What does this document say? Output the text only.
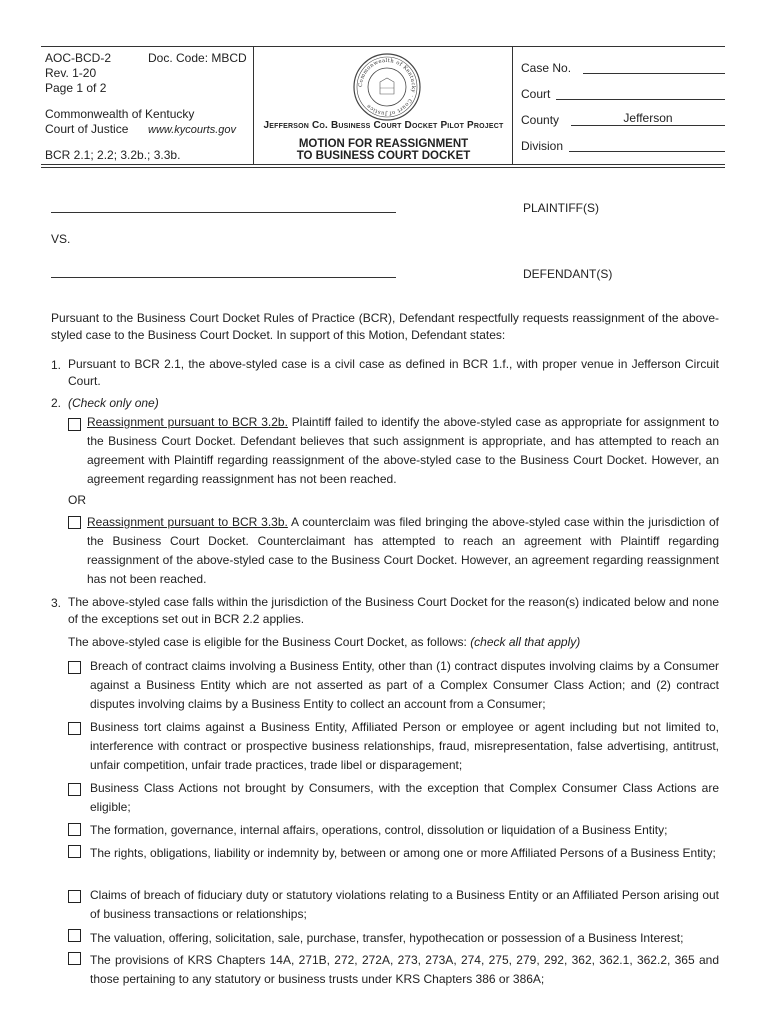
AOC-BCD-2	Doc. Code: MBCD
Rev. 1-20
Page 1 of 2
Commonwealth of Kentucky
Court of Justice www.kycourts.gov
BCR 2.1; 2.2; 3.2b.; 3.3b.
Commonwealth of Kentucky · Court of Justice
Jefferson Co. Business Court Docket Pilot Project
MOTION FOR REASSIGNMENT
TO BUSINESS COURT DOCKET
Case No.
Court
County	Jefferson
Division
PLAINTIFF(S)
VS.
DEFENDANT(S)
Pursuant to the Business Court Docket Rules of Practice (BCR), Defendant respectfully requests reassignment of the above-styled case to the Business Court Docket. In support of this Motion, Defendant states:
1. Pursuant to BCR 2.1, the above-styled case is a civil case as defined in BCR 1.f., with proper venue in Jefferson Circuit Court.
2. (Check only one)
Reassignment pursuant to BCR 3.2b. Plaintiff failed to identify the above-styled case as appropriate for assignment to the Business Court Docket. Defendant believes that such assignment is appropriate, and has attempted to reach an agreement with Plaintiff regarding reassignment of the above-styled case to the Business Court Docket. However, an agreement regarding reassignment has not been reached.
OR
Reassignment pursuant to BCR 3.3b. A counterclaim was filed bringing the above-styled case within the jurisdiction of the Business Court Docket. Counterclaimant has attempted to reach an agreement with Plaintiff regarding reassignment of the above-styled case to the Business Court Docket. However, an agreement regarding reassignment has not been reached.
3. The above-styled case falls within the jurisdiction of the Business Court Docket for the reason(s) indicated below and none of the exceptions set out in BCR 2.2 applies.
The above-styled case is eligible for the Business Court Docket, as follows: (check all that apply)
Breach of contract claims involving a Business Entity, other than (1) contract disputes involving claims by a Consumer against a Business Entity which are not asserted as part of a Complex Consumer Class Action; and (2) contract disputes involving claims by a Business Entity to collect an account from a Consumer;
Business tort claims against a Business Entity, Affiliated Person or employee or agent including but not limited to, interference with contract or prospective business relationships, fraud, misrepresentation, false advertising, antitrust, unfair competition, unfair trade practices, trade libel or disparagement;
Business Class Actions not brought by Consumers, with the exception that Complex Consumer Class Actions are eligible;
The formation, governance, internal affairs, operations, control, dissolution or liquidation of a Business Entity;
The rights, obligations, liability or indemnity by, between or among one or more Affiliated Persons of a Business Entity;
Claims of breach of fiduciary duty or statutory violations relating to a Business Entity or an Affiliated Person arising out of business transactions or relationships;
The valuation, offering, solicitation, sale, purchase, transfer, hypothecation or possession of a Business Interest;
The provisions of KRS Chapters 14A, 271B, 272, 272A, 273, 273A, 274, 275, 279, 292, 362, 362.1, 362.2, 365 and those pertaining to any statutory or business trusts under KRS Chapters 386 or 386A;
